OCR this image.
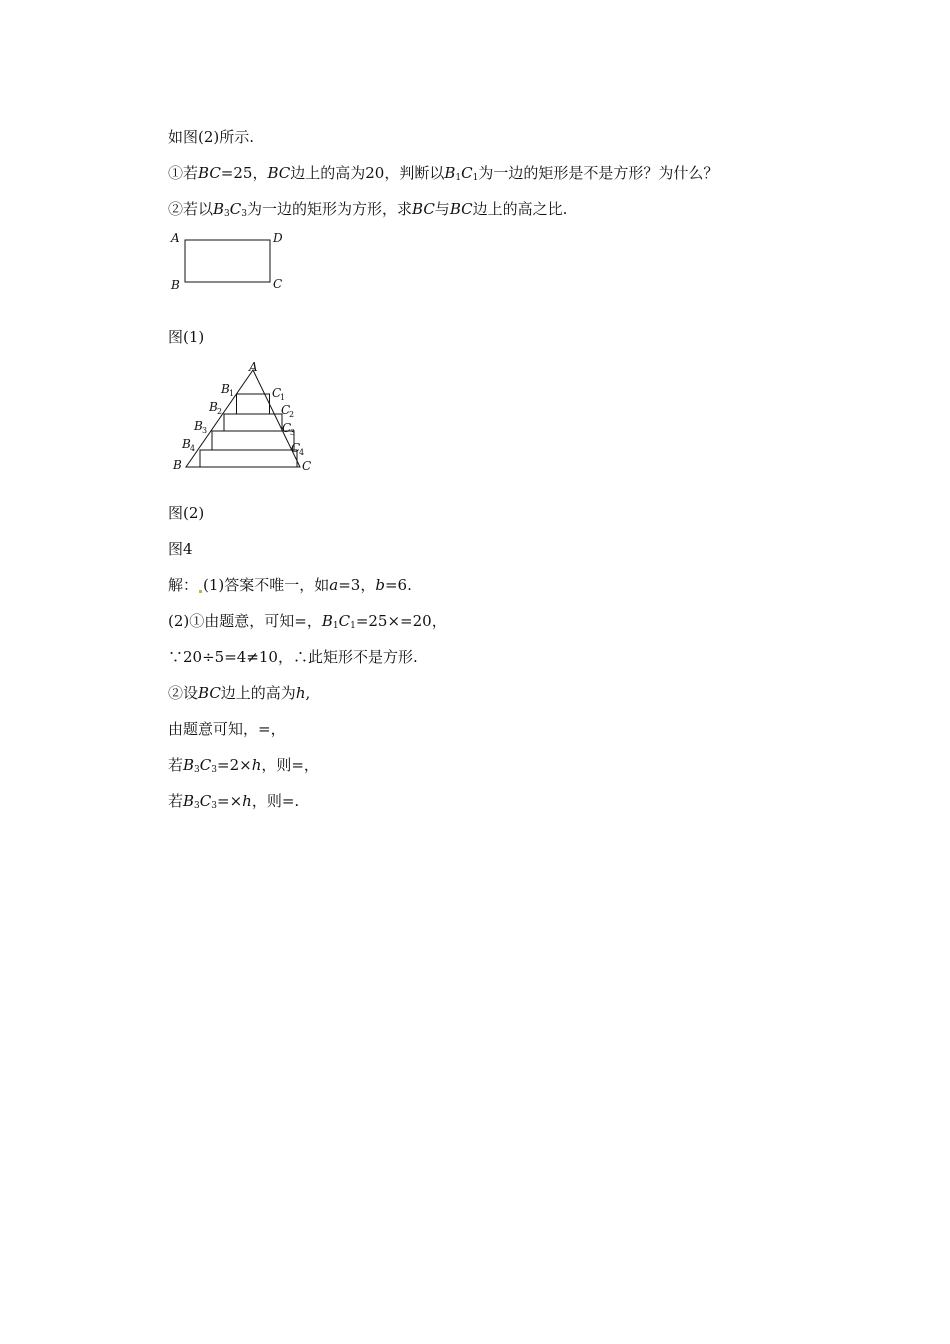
如图(2)所示.
①若BC=25，BC边上的高为20，判断以$B_1C_1$为一边的矩形是不是方形？为什么？
②若以$B_3C_3$为一边的矩形为方形，求BC与BC边上的高之比.
A	D
B	C
图(1)
A
B 1	C
1
B 2	C
2
B 3	C
3
B 4	C
4
B	C
图(2)
图4
解： (1)答案不唯一，如a=3，b=6.
(2)①由题意，可知=，$B_1C_1=25\times=20$，
∵20÷5=4≠10，∴此矩形不是方形.
②设BC边上的高为h,
由题意可知，=，
若$B_3C_3=2\times h$，则=，
若$B_3C_3=\times h$，则=.
